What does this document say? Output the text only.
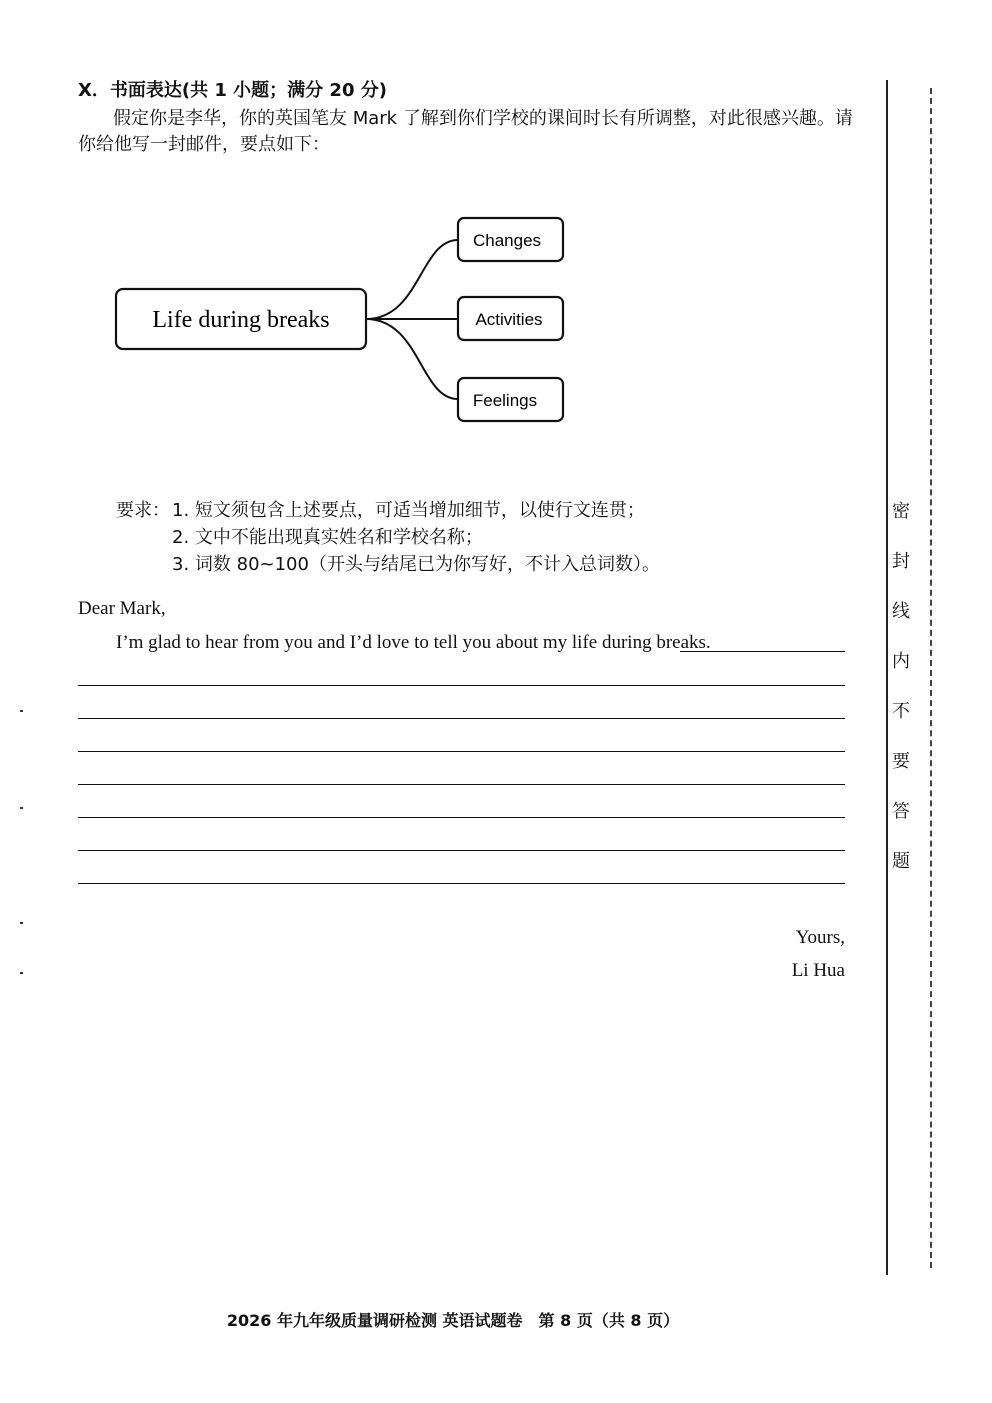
X．书面表达(共 1 小题；满分 20 分)
假定你是李华，你的英国笔友 Mark 了解到你们学校的课间时长有所调整，对此很感兴趣。请
你给他写一封邮件，要点如下：
Life during breaks
Changes
Activities
Feelings
要求： 1. 短文须包含上述要点，可适当增加细节，以使行文连贯；
2. 文中不能出现真实姓名和学校名称；
3. 词数 80~100（开头与结尾已为你写好，不计入总词数）。
Dear Mark,
I’m glad to hear from you and I’d love to tell you about my life during breaks.
Yours,
Li Hua
密
封
线
内
不
要
答
题
2026 年九年级质量调研检测 英语试题卷　第 8 页（共 8 页）
